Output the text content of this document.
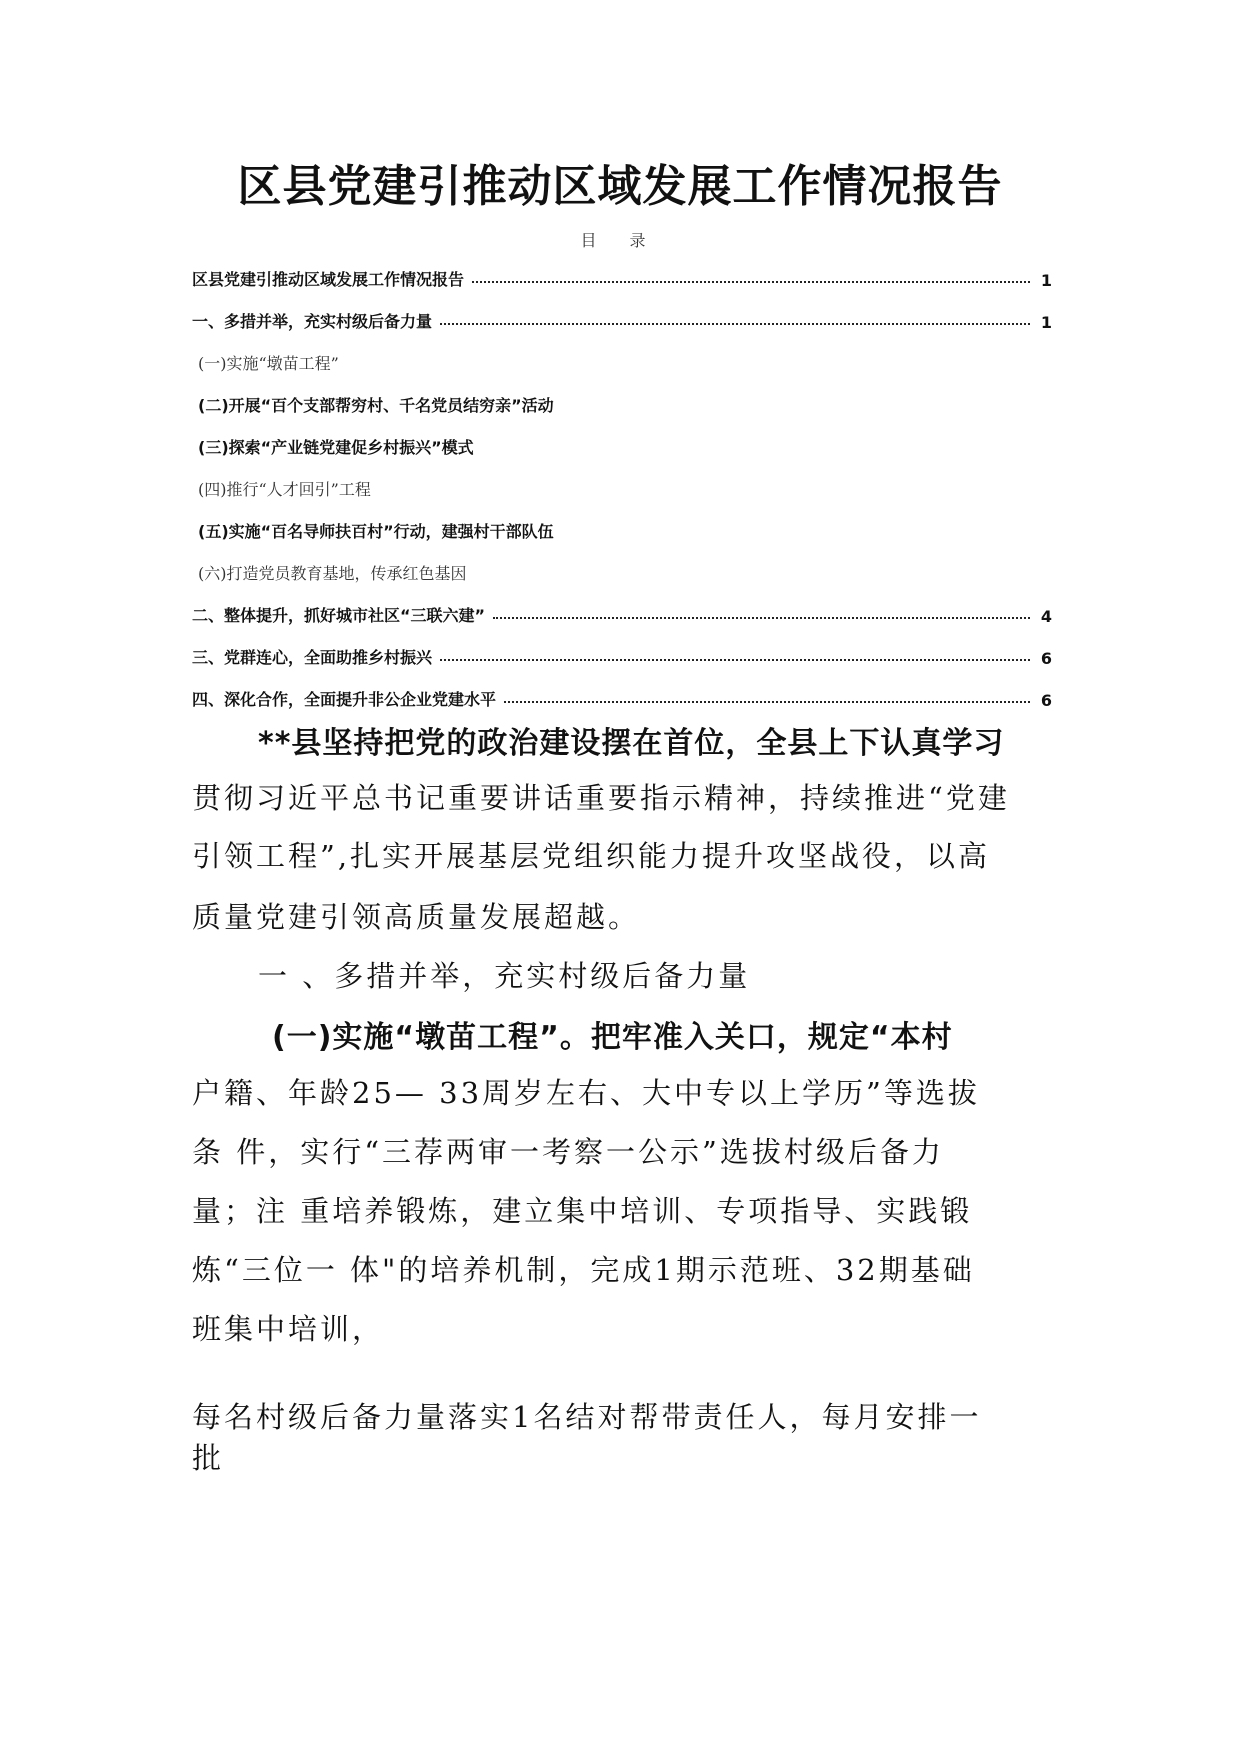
区县党建引推动区域发展工作情况报告
目 录
区县党建引推动区域发展工作情况报告	1
一、多措并举，充实村级后备力量	1
(一)实施“墩苗工程”
(二)开展“百个支部帮穷村、千名党员结穷亲”活动
(三)探索“产业链党建促乡村振兴”模式
(四)推行“人才回引”工程
(五)实施“百名导师扶百村”行动，建强村干部队伍
(六)打造党员教育基地，传承红色基因
二、整体提升，抓好城市社区“三联六建”	4
三、党群连心，全面助推乡村振兴	6
四、深化合作，全面提升非公企业党建水平	6
**县坚持把党的政治建设摆在首位，全县上下认真学习
贯彻习近平总书记重要讲话重要指示精神，持续推进“党建
引领工程”,扎实开展基层党组织能力提升攻坚战役，以高
质量党建引领高质量发展超越。
一 、多措并举，充实村级后备力量
(一)实施“墩苗工程”。把牢准入关口，规定“本村
户籍、年龄25— 33周岁左右、大中专以上学历”等选拔
条 件，实行“三荐两审一考察一公示”选拔村级后备力
量；注 重培养锻炼，建立集中培训、专项指导、实践锻
炼“三位一 体"的培养机制，完成1期示范班、32期基础
班集中培训，
每名村级后备力量落实1名结对帮带责任人，每月安排一
批
